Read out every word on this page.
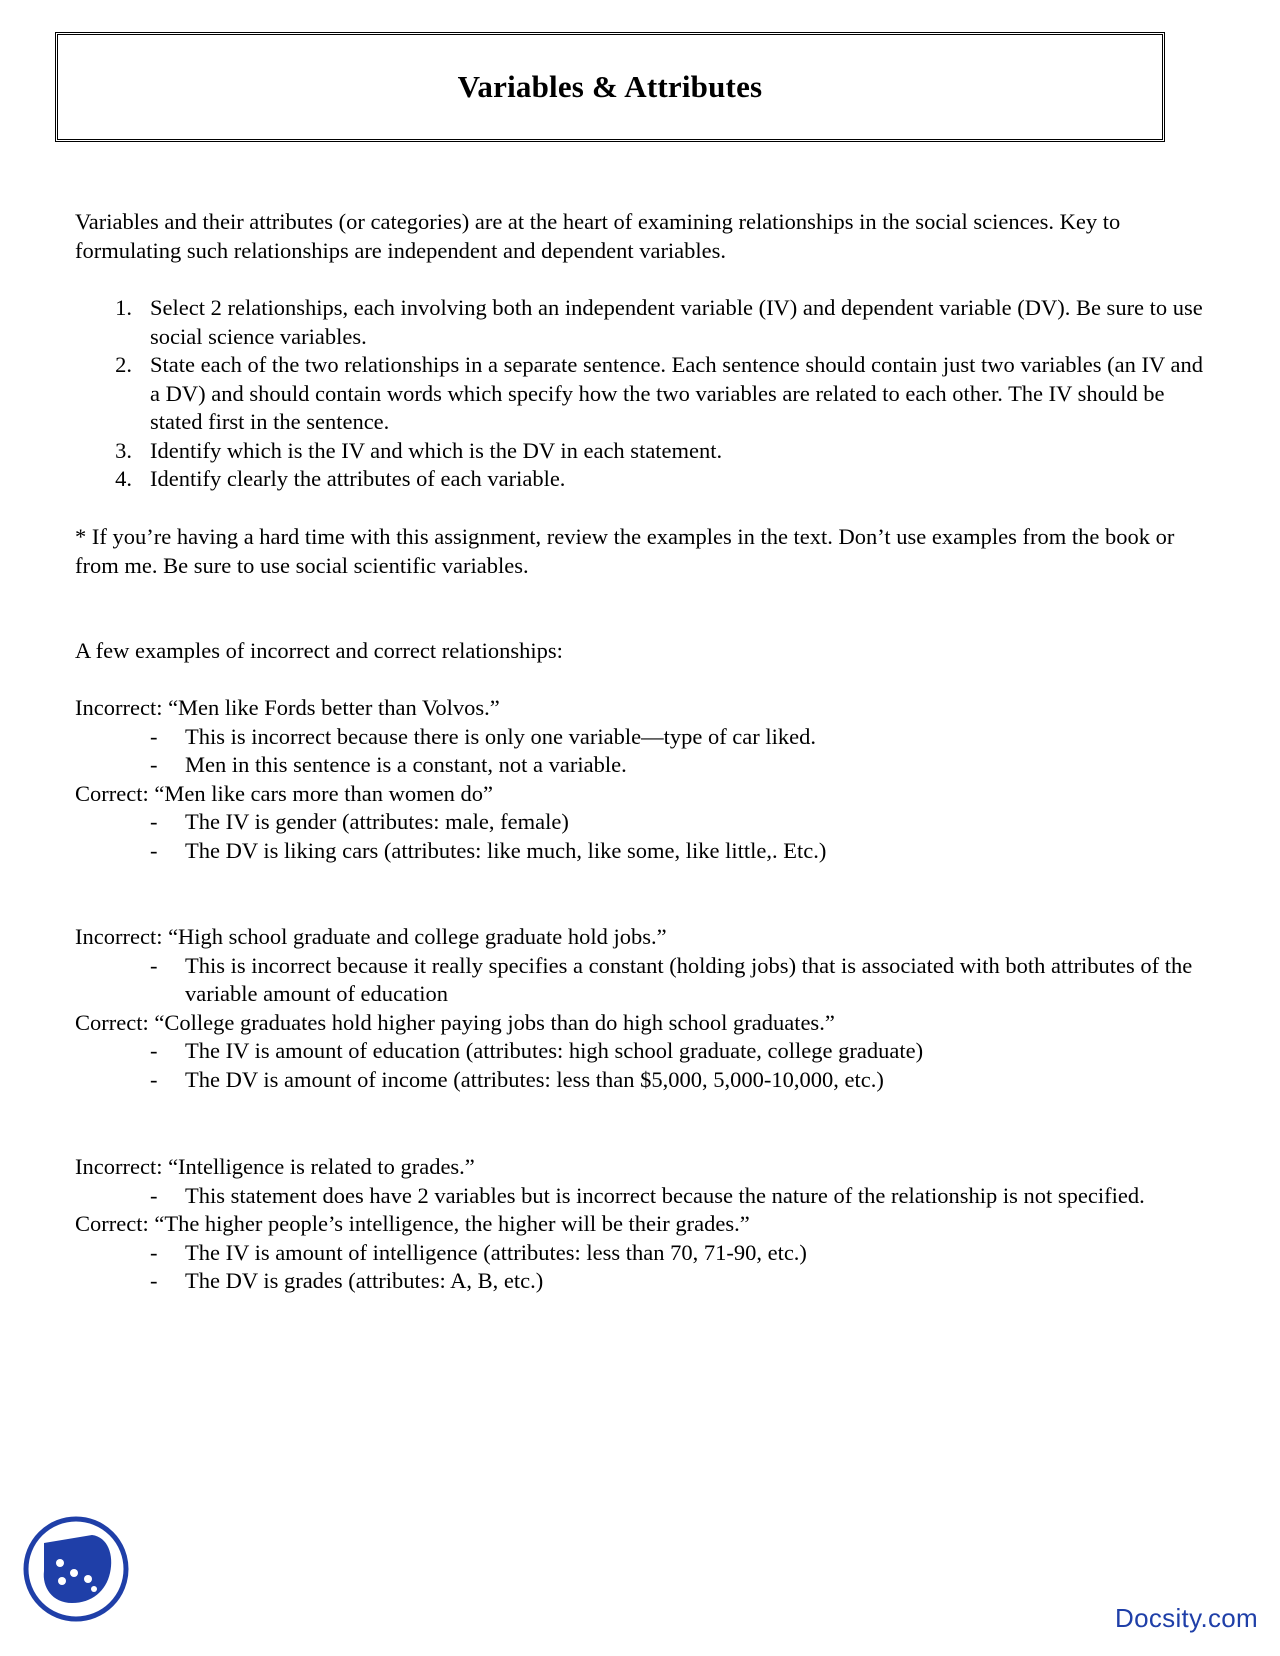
Variables & Attributes
Variables and their attributes (or categories) are at the heart of examining relationships in the social sciences. Key to formulating such relationships are independent and dependent variables.
1. Select 2 relationships, each involving both an independent variable (IV) and dependent variable (DV). Be sure to use social science variables.
2. State each of the two relationships in a separate sentence. Each sentence should contain just two variables (an IV and a DV) and should contain words which specify how the two variables are related to each other. The IV should be stated first in the sentence.
3. Identify which is the IV and which is the DV in each statement.
4. Identify clearly the attributes of each variable.
* If you’re having a hard time with this assignment, review the examples in the text. Don’t use examples from the book or from me. Be sure to use social scientific variables.
A few examples of incorrect and correct relationships:
Incorrect: “Men like Fords better than Volvos.”
-	This is incorrect because there is only one variable—type of car liked.
-	Men in this sentence is a constant, not a variable.
Correct: “Men like cars more than women do”
-	The IV is gender (attributes: male, female)
-	The DV is liking cars (attributes: like much, like some, like little,. Etc.)
Incorrect: “High school graduate and college graduate hold jobs.”
-	This is incorrect because it really specifies a constant (holding jobs) that is associated with both attributes of the variable amount of education
Correct: “College graduates hold higher paying jobs than do high school graduates.”
-	The IV is amount of education (attributes: high school graduate, college graduate)
-	The DV is amount of income (attributes: less than $5,000, 5,000-10,000, etc.)
Incorrect: “Intelligence is related to grades.”
-	This statement does have 2 variables but is incorrect because the nature of the relationship is not specified.
Correct: “The higher people’s intelligence, the higher will be their grades.”
-	The IV is amount of intelligence (attributes: less than 70, 71-90, etc.)
-	The DV is grades (attributes: A, B, etc.)
Docsity.com
